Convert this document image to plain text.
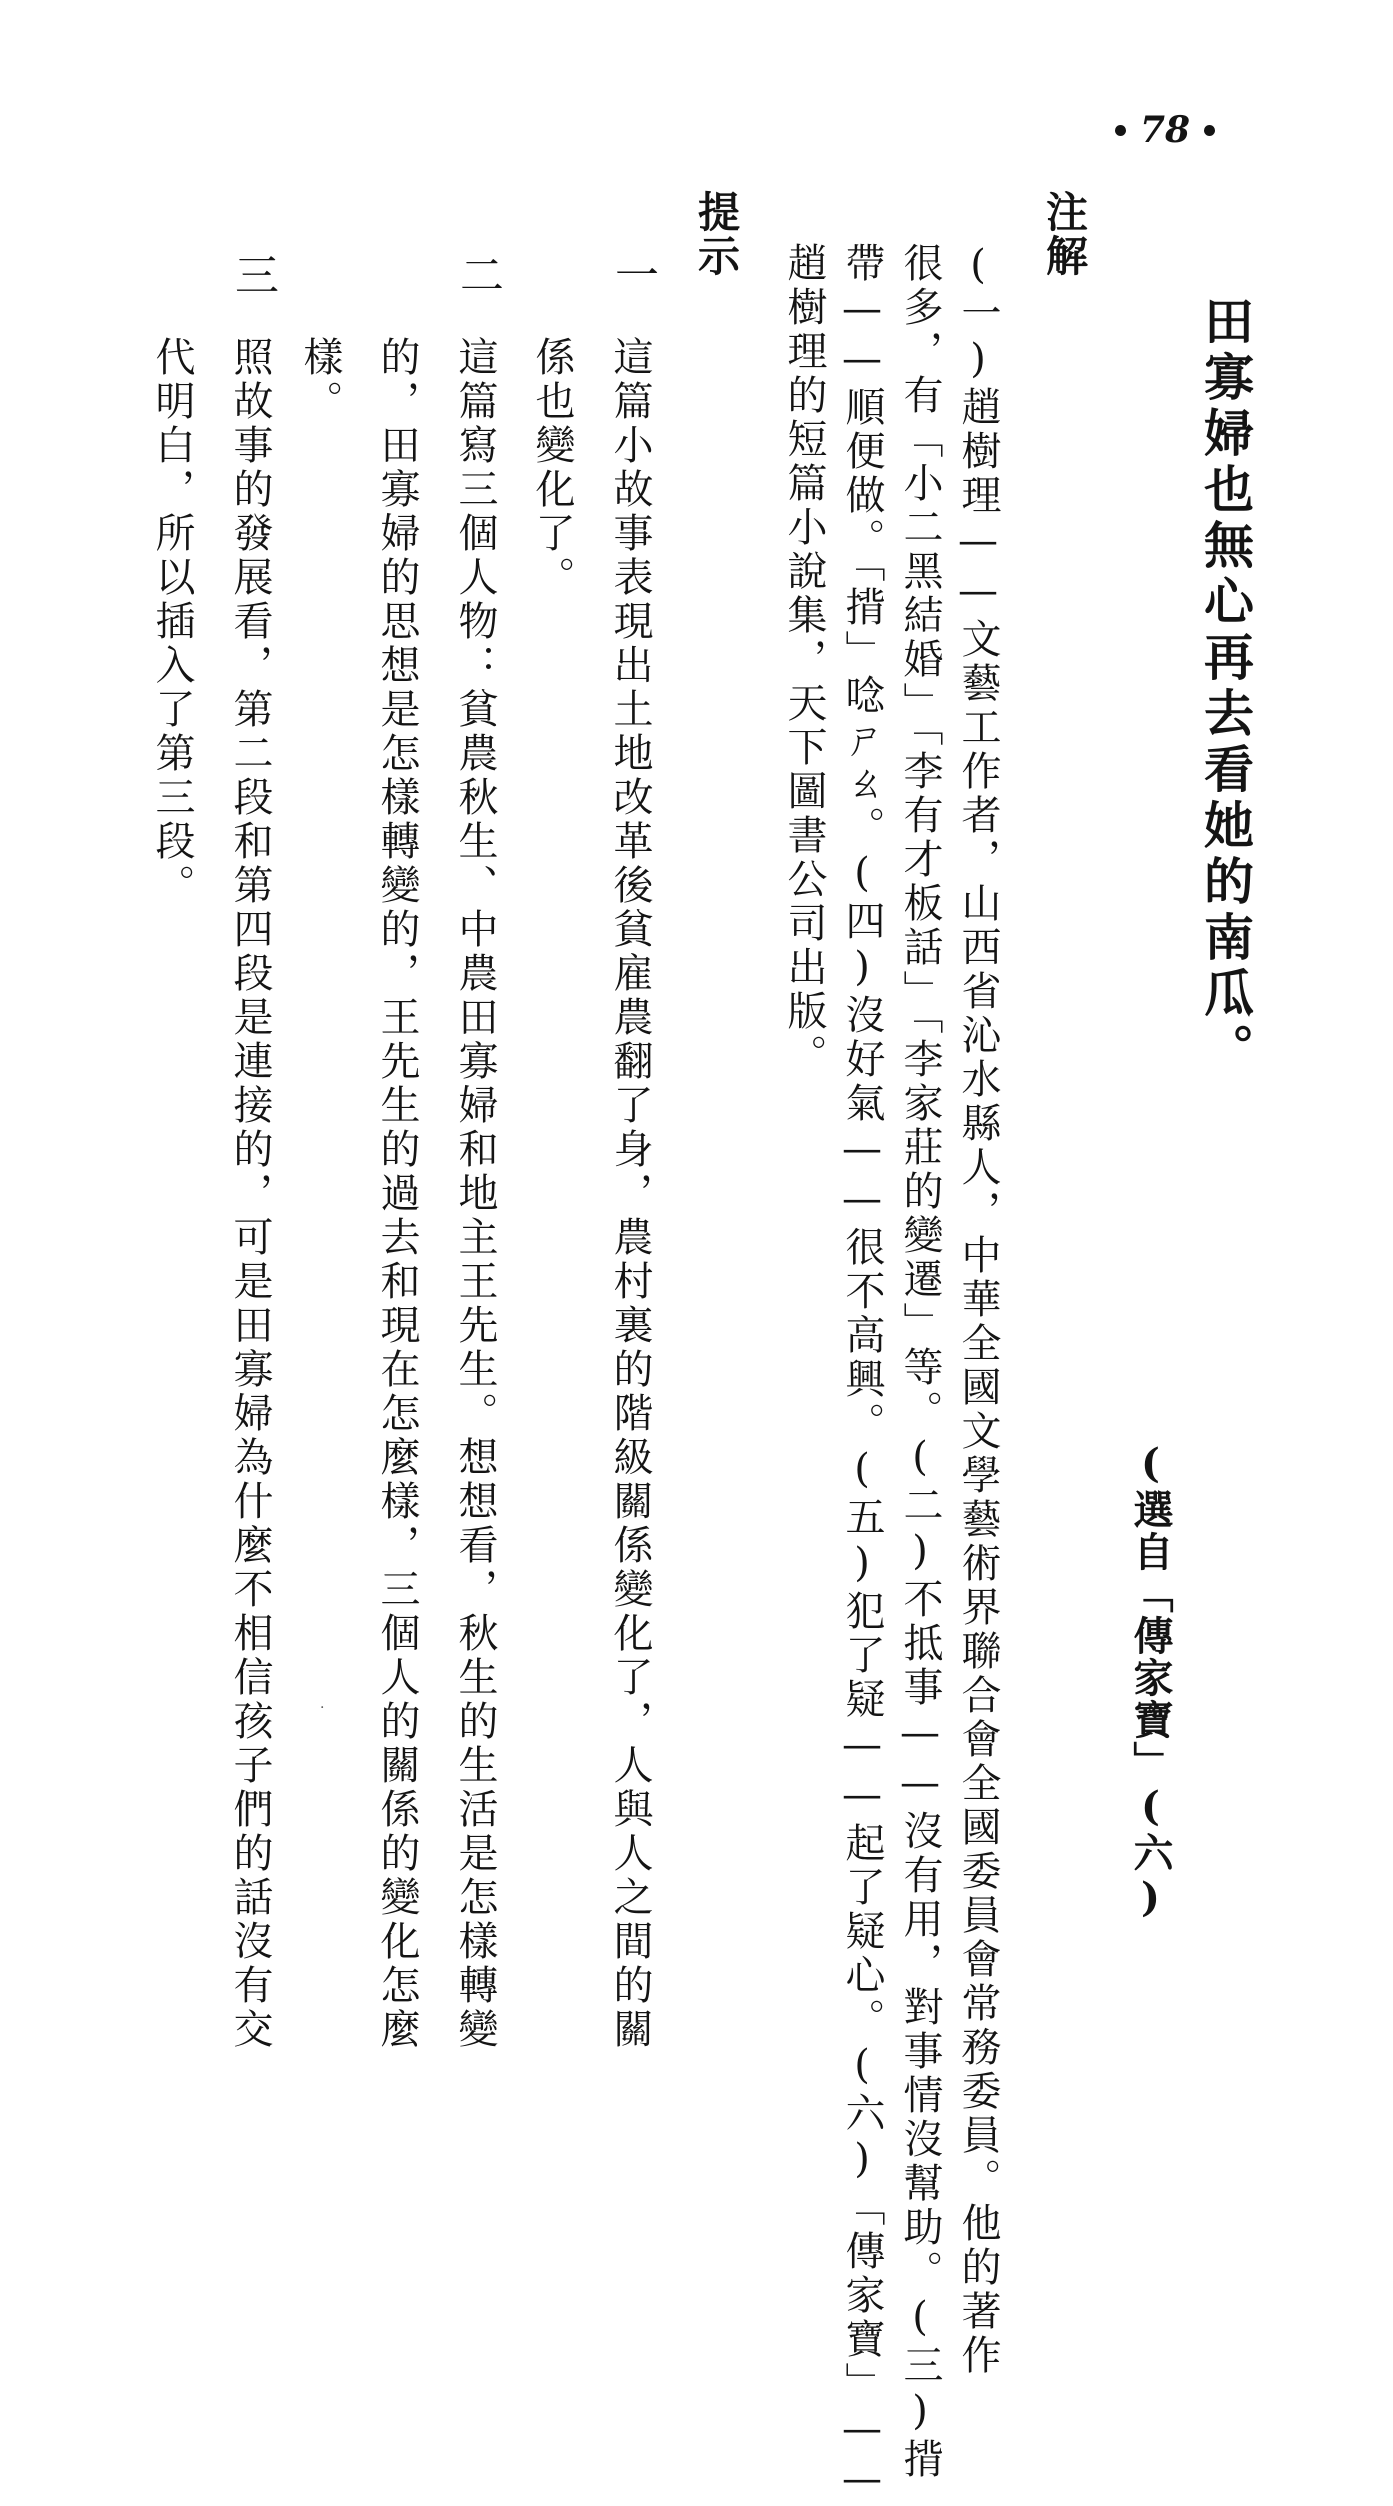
78
田寡婦也無心再去看她的南瓜。
(選自「傳家寶」(六)
注解
(一)趙樹理——文藝工作者，山西省沁水縣人，中華全國文學藝術界聯合會全國委員會常務委員。他的著作
很多，有「小二黑結婚」「李有才板話」「李家莊的變遷」等。(二)不抵事——沒有用，對事情沒幫助。(三)揹
帶——順便做。「揹」唸ㄕㄠ。(四)沒好氣——很不高興。(五)犯了疑——起了疑心。(六)「傳家寶」——
趙樹理的短篇小說集，天下圖書公司出版。
提示
一
這篇小故事表現出土地改革後貧雇農翻了身，農村裏的階級關係變化了，人與人之間的關
係也變化了。
二
這篇寫三個人物：貧農秋生、中農田寡婦和地主王先生。想想看，秋生的生活是怎樣轉變
的，田寡婦的思想是怎樣轉變的，王先生的過去和現在怎麼樣，三個人的關係的變化怎麼
樣。
三
照故事的發展看，第二段和第四段是連接的，可是田寡婦為什麼不相信孩子們的話沒有交
代明白，所以插入了第三段。
·
